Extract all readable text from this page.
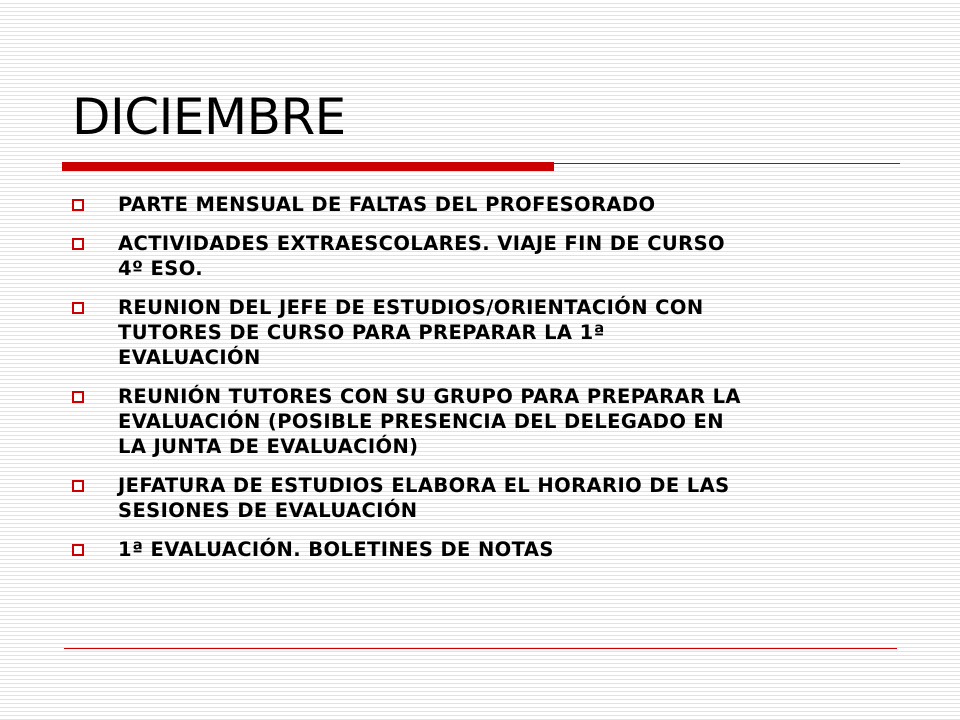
DICIEMBRE
PARTE MENSUAL DE FALTAS DEL PROFESORADO
ACTIVIDADES EXTRAESCOLARES. VIAJE FIN DE CURSO
4º ESO.
REUNION DEL JEFE DE ESTUDIOS/ORIENTACIÓN CON
TUTORES DE CURSO PARA PREPARAR LA 1ª
EVALUACIÓN
REUNIÓN TUTORES CON SU GRUPO PARA PREPARAR LA
EVALUACIÓN (POSIBLE PRESENCIA DEL DELEGADO EN
LA JUNTA DE EVALUACIÓN)
JEFATURA DE ESTUDIOS ELABORA EL HORARIO DE LAS
SESIONES DE EVALUACIÓN
1ª EVALUACIÓN. BOLETINES DE NOTAS
